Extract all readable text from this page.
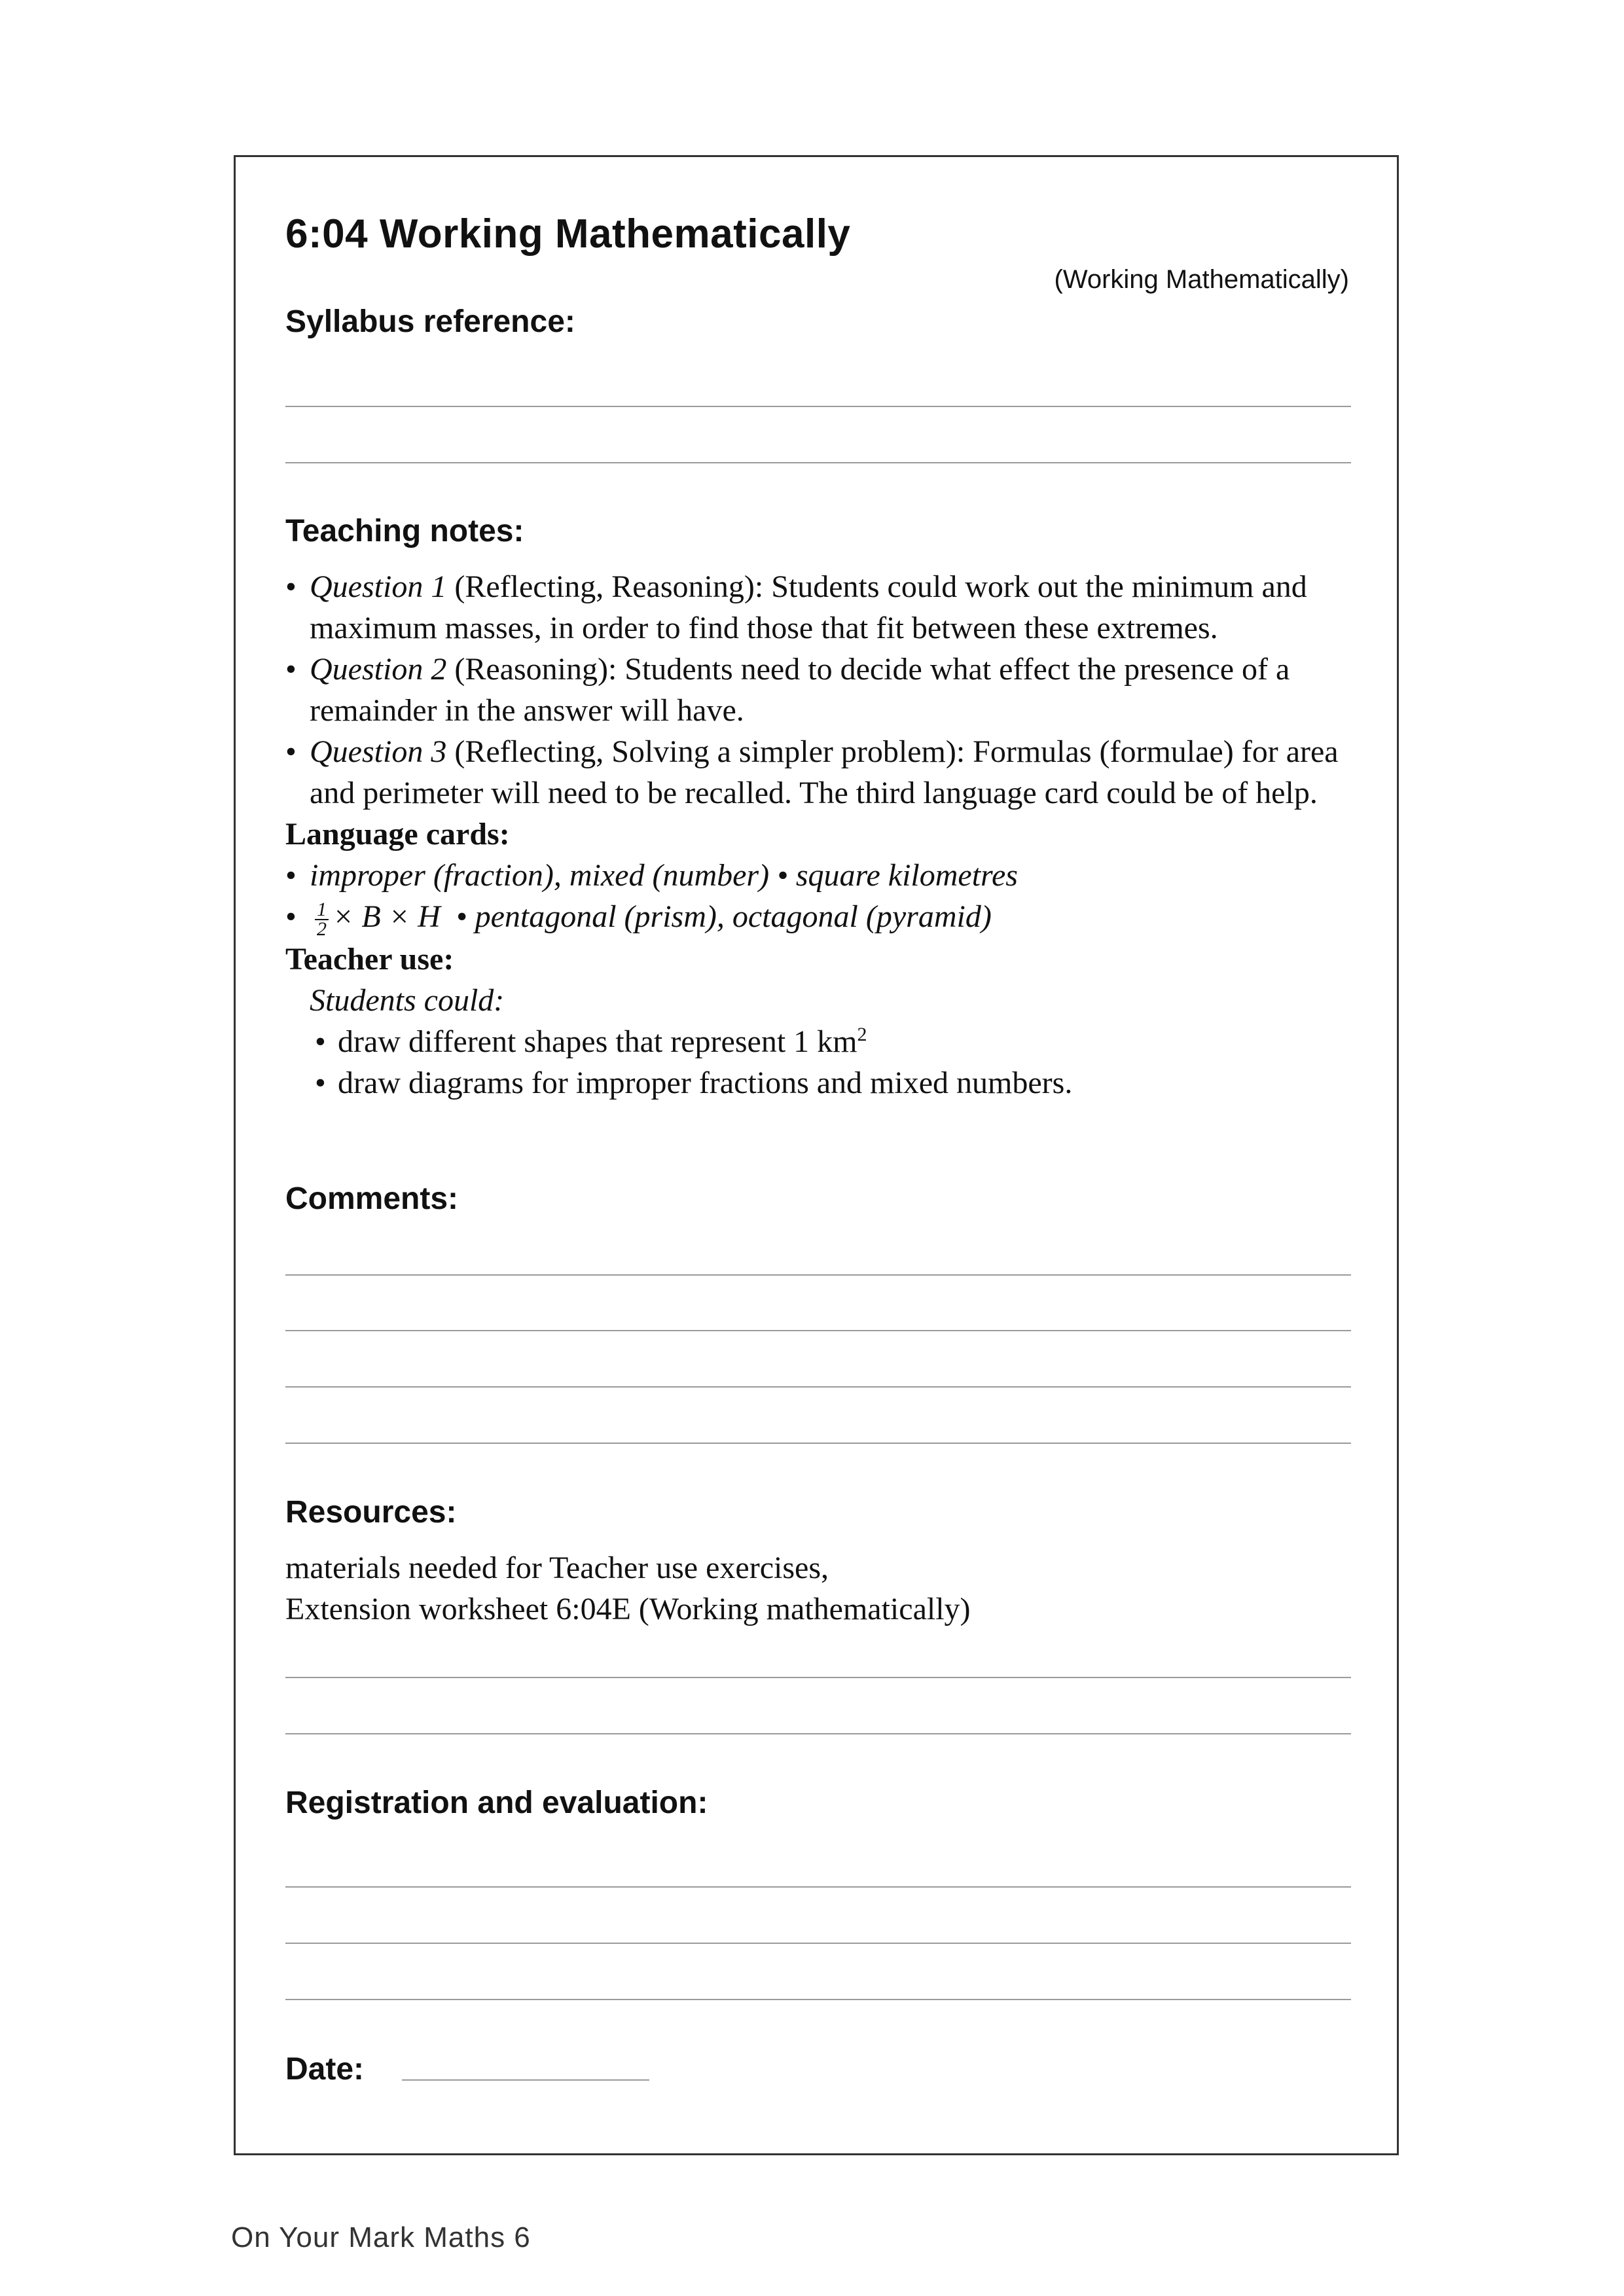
6:04 Working Mathematically
(Working Mathematically)
Syllabus reference:
Teaching notes:
• Question 1 (Reflecting, Reasoning): Students could work out the minimum and maximum masses, in order to find those that fit between these extremes.
• Question 2 (Reasoning): Students need to decide what effect the presence of a remainder in the answer will have.
• Question 3 (Reflecting, Solving a simpler problem): Formulas (formulae) for area and perimeter will need to be recalled. The third language card could be of help.

Language cards:

• improper (fraction), mixed (number) • square kilometres
• $\frac{1}{2} \times B \times H$ • pentagonal (prism), octagonal (pyramid)

Teacher use:

Students could:

• draw different shapes that represent 1 $km^2$
• draw diagrams for improper fractions and mixed numbers.
Comments:
Resources:

materials needed for Teacher use exercises,

Extension worksheet 6:04E (Working mathematically)

Registration and evaluation:
Date:
On Your Mark Maths 6
